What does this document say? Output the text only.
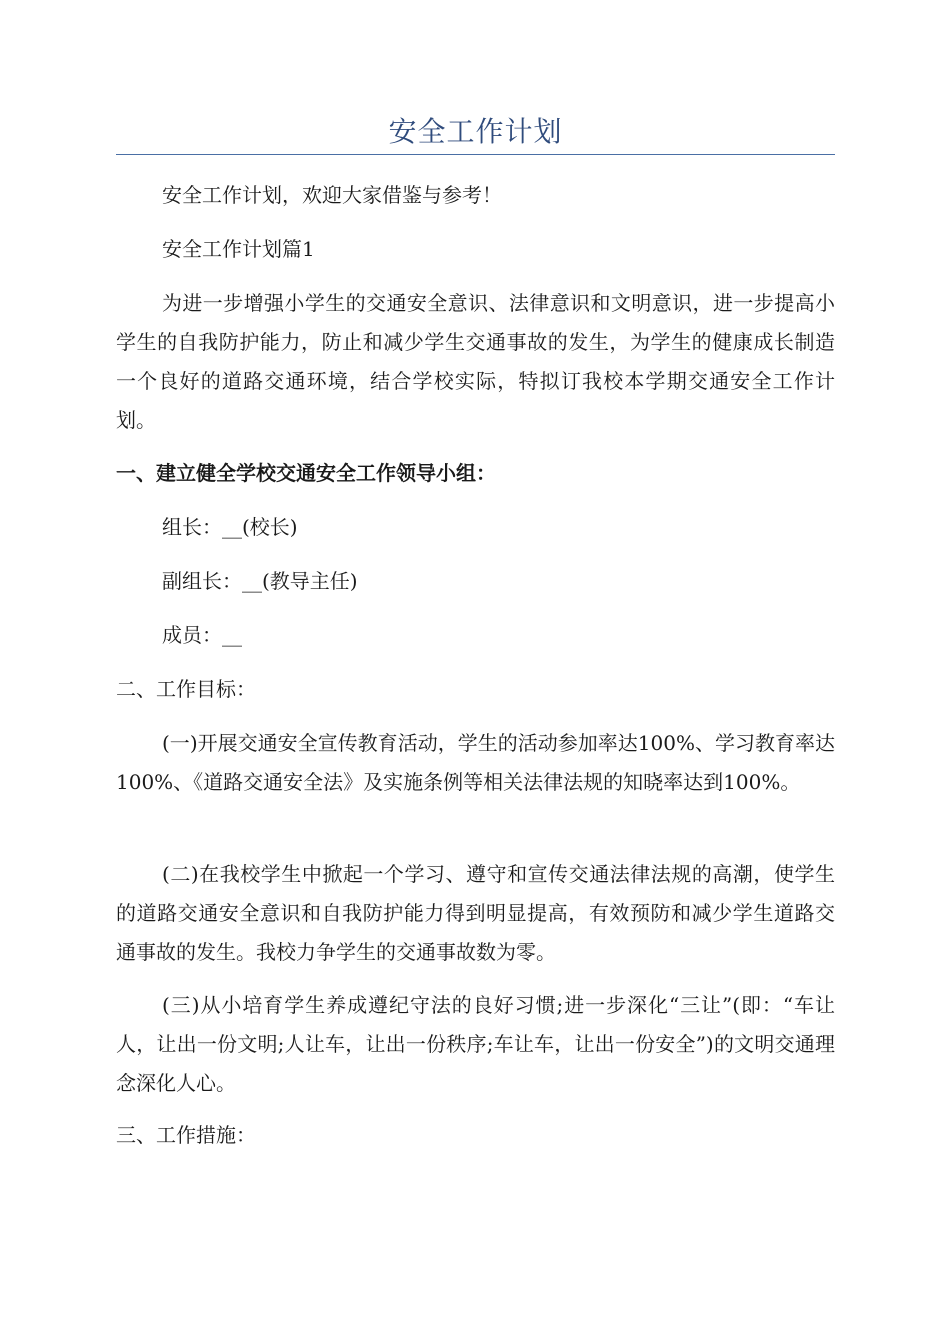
安全工作计划

安全工作计划，欢迎大家借鉴与参考！

安全工作计划篇1

为进一步增强小学生的交通安全意识、法律意识和文明意识，进一步提高小学生的自我防护能力，防止和减少学生交通事故的发生，为学生的健康成长制造一个良好的道路交通环境，结合学校实际，特拟订我校本学期交通安全工作计划。

一、建立健全学校交通安全工作领导小组：

组长：__(校长)

副组长：__(教导主任)

成员：__

二、工作目标：

(一)开展交通安全宣传教育活动，学生的活动参加率达100%、学习教育率达100%、《道路交通安全法》及实施条例等相关法律法规的知晓率达到100%。

(二)在我校学生中掀起一个学习、遵守和宣传交通法律法规的高潮，使学生的道路交通安全意识和自我防护能力得到明显提高，有效预防和减少学生道路交通事故的发生。我校力争学生的交通事故数为零。

(三)从小培育学生养成遵纪守法的良好习惯;进一步深化“三让”(即：“车让人，让出一份文明;人让车，让出一份秩序;车让车，让出一份安全”)的文明交通理念深化人心。

三、工作措施：
